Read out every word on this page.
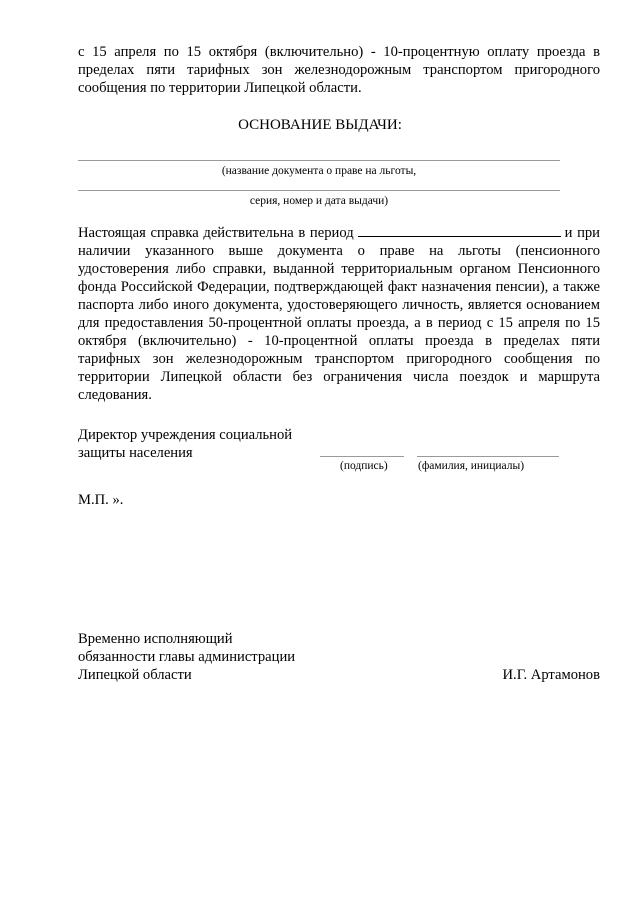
с 15 апреля по 15 октября (включительно) - 10-процентную оплату проезда в пределах пяти тарифных зон железнодорожным транспортом пригородного сообщения по территории Липецкой области.
ОСНОВАНИЕ ВЫДАЧИ:
(название документа о праве на льготы,
серия, номер и дата выдачи)
Настоящая справка действительна в период	и при наличии указанного выше документа о праве на льготы (пенсионного удостоверения либо справки, выданной территориальным органом Пенсионного фонда Российской Федерации, подтверждающей факт назначения пенсии), а также паспорта либо иного документа, удостоверяющего личность, является основанием для предоставления 50-процентной оплаты проезда, а в период с 15 апреля по 15 октября (включительно) - 10-процентной оплаты проезда в пределах пяти тарифных зон железнодорожным транспортом пригородного сообщения по территории Липецкой области без ограничения числа поездок и маршрута следования.
Директор учреждения социальной
защиты населения
(подпись)	(фамилия, инициалы)
М.П. ».
Временно исполняющий
обязанности главы администрации
Липецкой области	И.Г. Артамонов
